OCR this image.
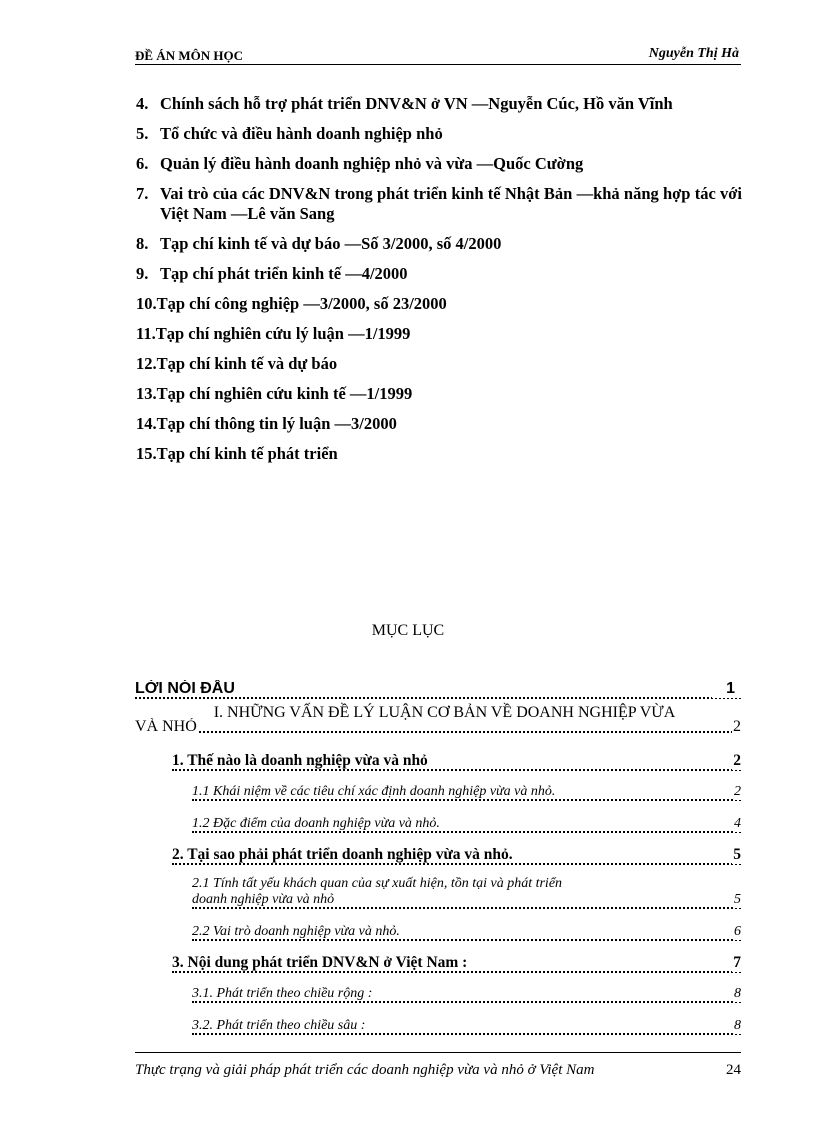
ĐỀ ÁN MÔN HỌC	Nguyễn Thị Hà
4. Chính sách hỗ trợ phát triển DNV&N ở VN —Nguyễn Cúc, Hồ văn Vĩnh
5. Tổ chức và điều hành doanh nghiệp nhỏ
6. Quản lý điều hành doanh nghiệp nhỏ và vừa —Quốc Cường
7. Vai trò của các DNV&N trong phát triển kinh tế Nhật Bản —khả năng hợp tác với Việt Nam —Lê văn Sang
8. Tạp chí kinh tế và dự báo —Số 3/2000, số 4/2000
9. Tạp chí phát triển kinh tế —4/2000
10.Tạp chí công nghiệp —3/2000, số 23/2000
11.Tạp chí nghiên cứu lý luận —1/1999
12.Tạp chí kinh tế và dự báo
13.Tạp chí nghiên cứu kinh tế —1/1999
14.Tạp chí thông tin lý luận —3/2000
15.Tạp chí kinh tế phát triển
MỤC LỤC
LỜI NÓI ĐẦU	1
I. NHỮNG VẤN ĐỀ LÝ LUẬN CƠ BẢN VỀ DOANH NGHIỆP VỪA
VÀ NHỎ	2
1. Thế nào là doanh nghiệp vừa và nhỏ	2
1.1 Khái niệm về các tiêu chí xác định doanh nghiệp vừa và nhỏ.	2
1.2 Đặc điểm của doanh nghiệp vừa và nhỏ.	4
2. Tại sao phải phát triển doanh nghiệp vừa và nhỏ.	5
2.1 Tính tất yếu khách quan của sự xuất hiện, tồn tại và phát triển
doanh nghiệp vừa và nhỏ	5
2.2 Vai trò doanh nghiệp vừa và nhỏ.	6
3. Nội dung phát triển DNV&N ở Việt Nam :	7
3.1. Phát triển theo chiều rộng :	8
3.2. Phát triển theo chiều sâu :	8
Thực trạng và giải pháp phát triển các doanh nghiệp vừa và nhỏ ở Việt Nam	24
